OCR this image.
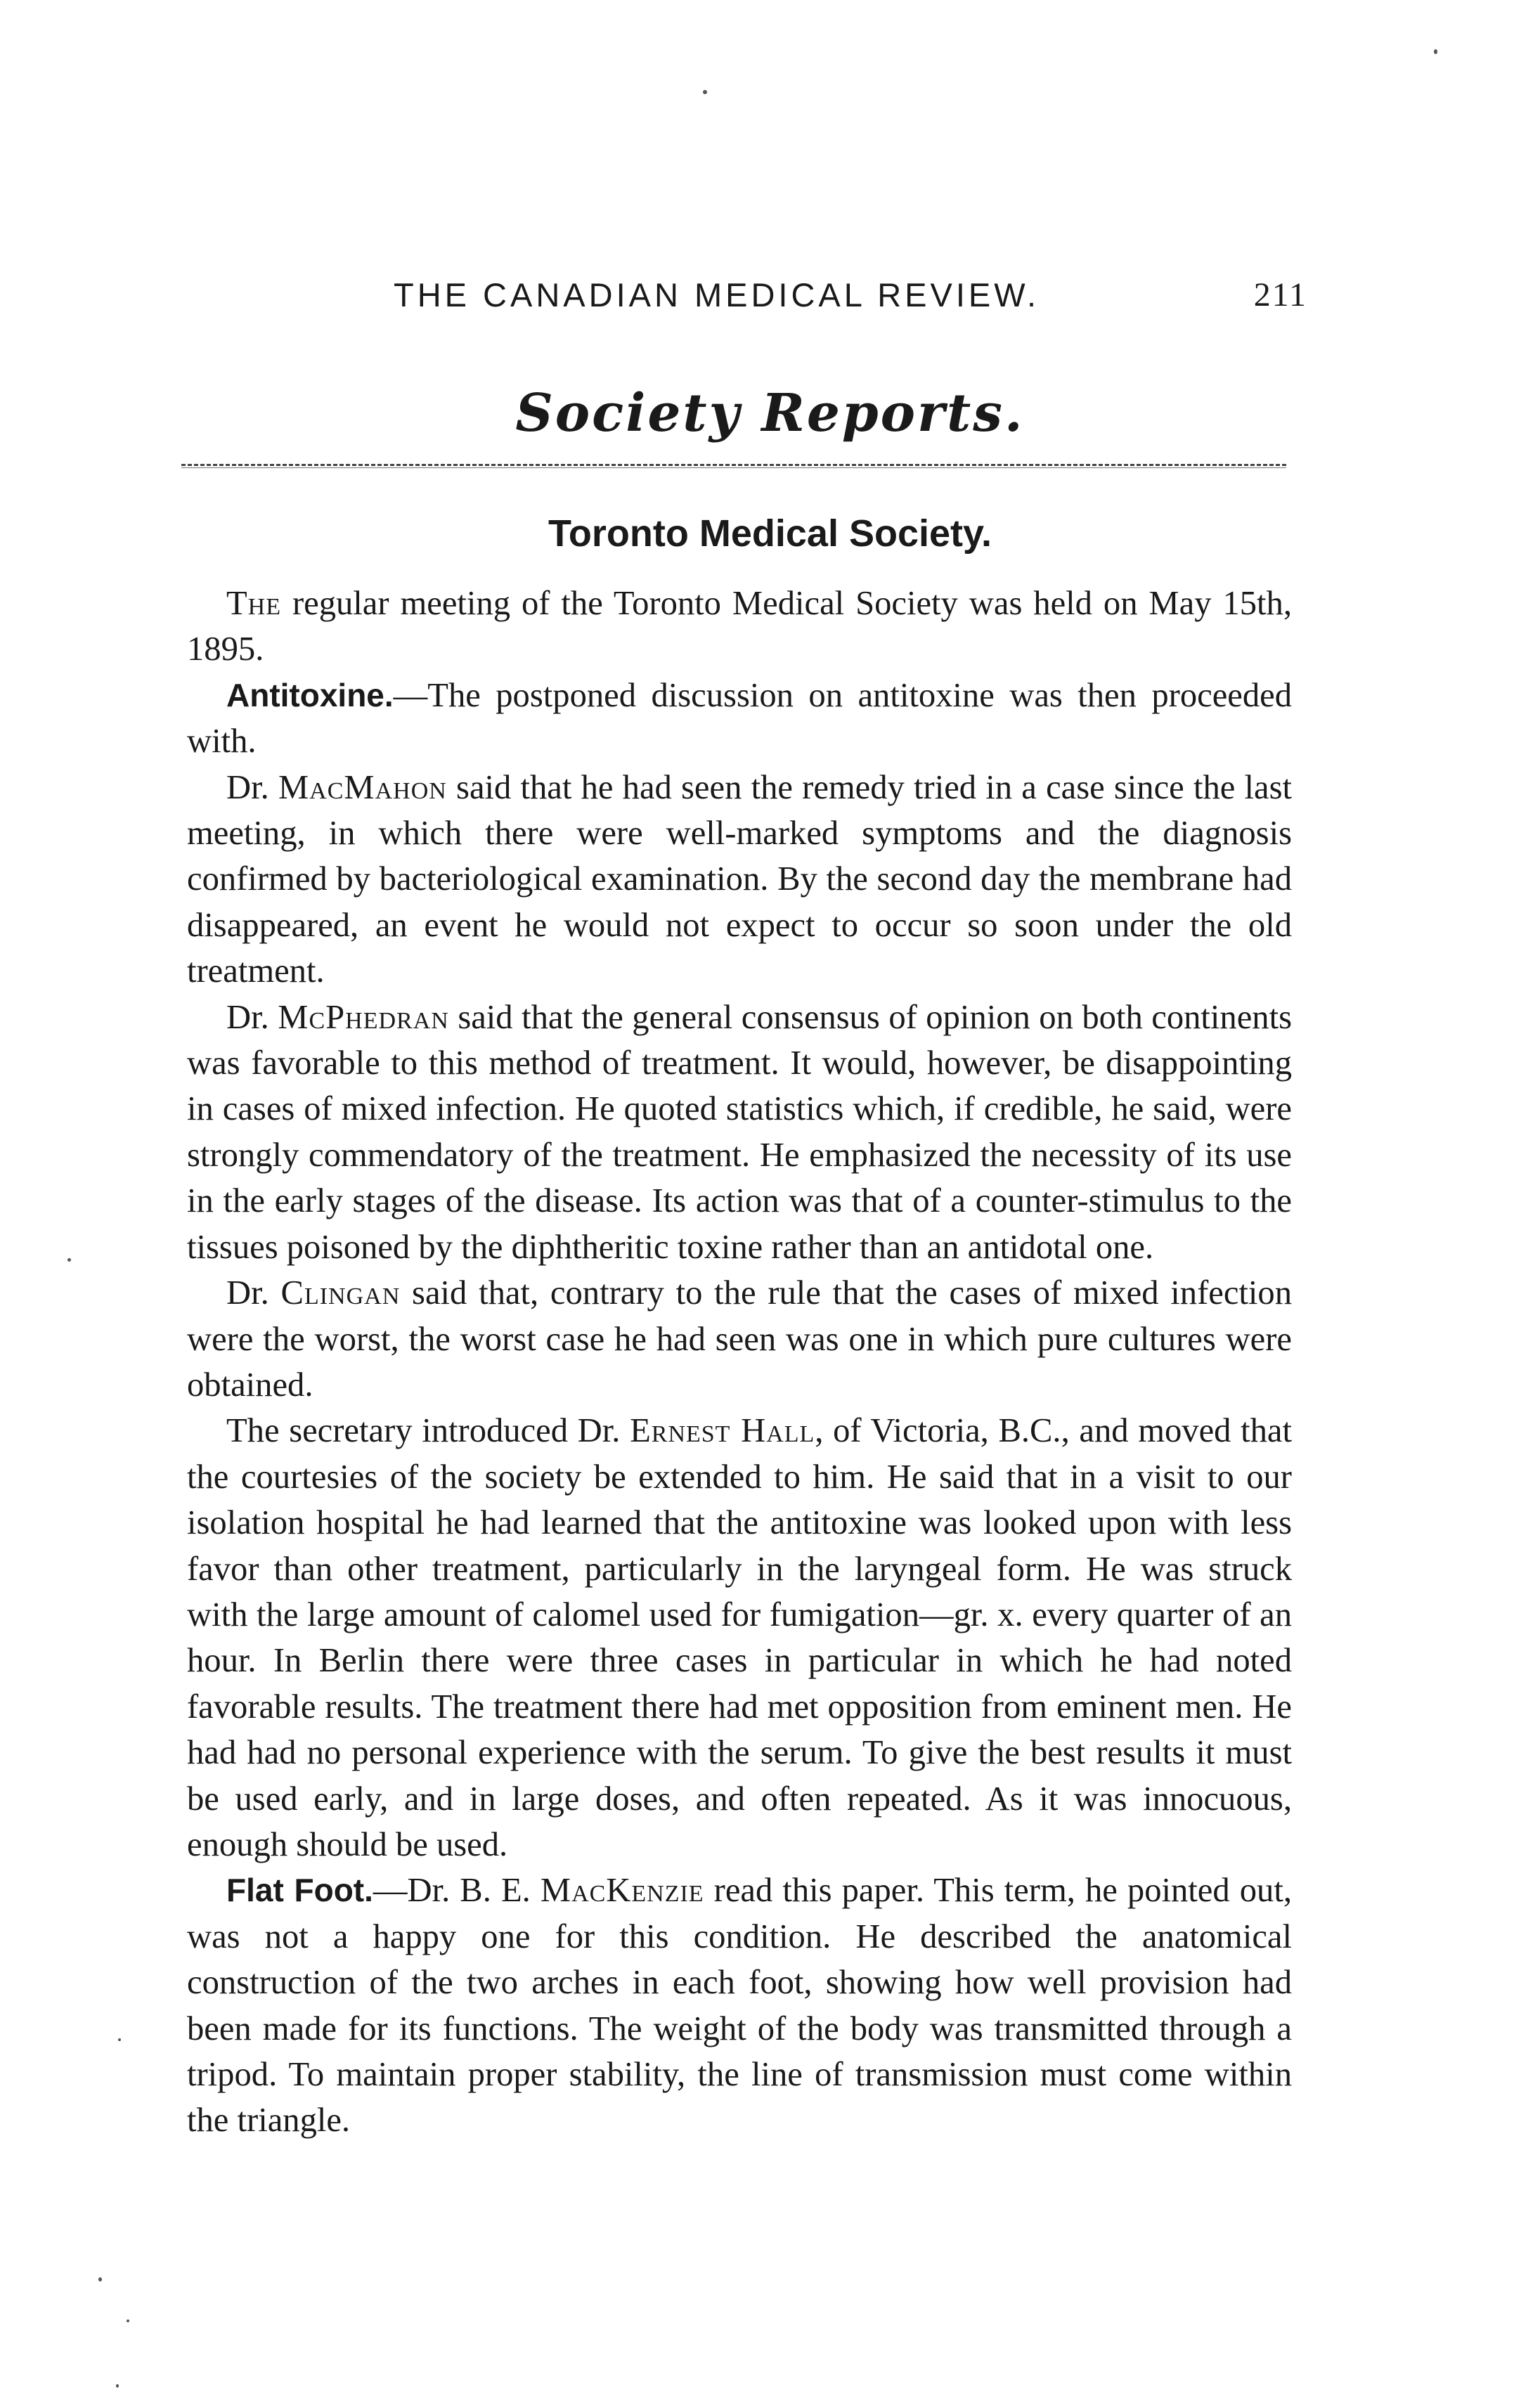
THE CANADIAN MEDICAL REVIEW.	211
Society Reports.
Toronto Medical Society.

The regular meeting of the Toronto Medical Society was held on May 15th, 1895.

Antitoxine.—The postponed discussion on antitoxine was then proceeded with.

Dr. MacMahon said that he had seen the remedy tried in a case since the last meeting, in which there were well-marked symptoms and the diagnosis confirmed by bacteriological examination. By the second day the membrane had disappeared, an event he would not expect to occur so soon under the old treatment.

Dr. McPhedran said that the general consensus of opinion on both continents was favorable to this method of treatment. It would, however, be disappointing in cases of mixed infection. He quoted statistics which, if credible, he said, were strongly commendatory of the treatment. He emphasized the necessity of its use in the early stages of the disease. Its action was that of a counter-stimulus to the tissues poisoned by the diphtheritic toxine rather than an antidotal one.

Dr. Clingan said that, contrary to the rule that the cases of mixed infection were the worst, the worst case he had seen was one in which pure cultures were obtained.

The secretary introduced Dr. Ernest Hall, of Victoria, B.C., and moved that the courtesies of the society be extended to him. He said that in a visit to our isolation hospital he had learned that the antitoxine was looked upon with less favor than other treatment, particularly in the laryngeal form. He was struck with the large amount of calomel used for fumigation—gr. x. every quarter of an hour. In Berlin there were three cases in particular in which he had noted favorable results. The treatment there had met opposition from eminent men. He had had no personal experience with the serum. To give the best results it must be used early, and in large doses, and often repeated. As it was innocuous, enough should be used.

Flat Foot.—Dr. B. E. MacKenzie read this paper. This term, he pointed out, was not a happy one for this condition. He described the anatomical construction of the two arches in each foot, showing how well provision had been made for its functions. The weight of the body was transmitted through a tripod. To maintain proper stability, the line of transmission must come within the triangle.
